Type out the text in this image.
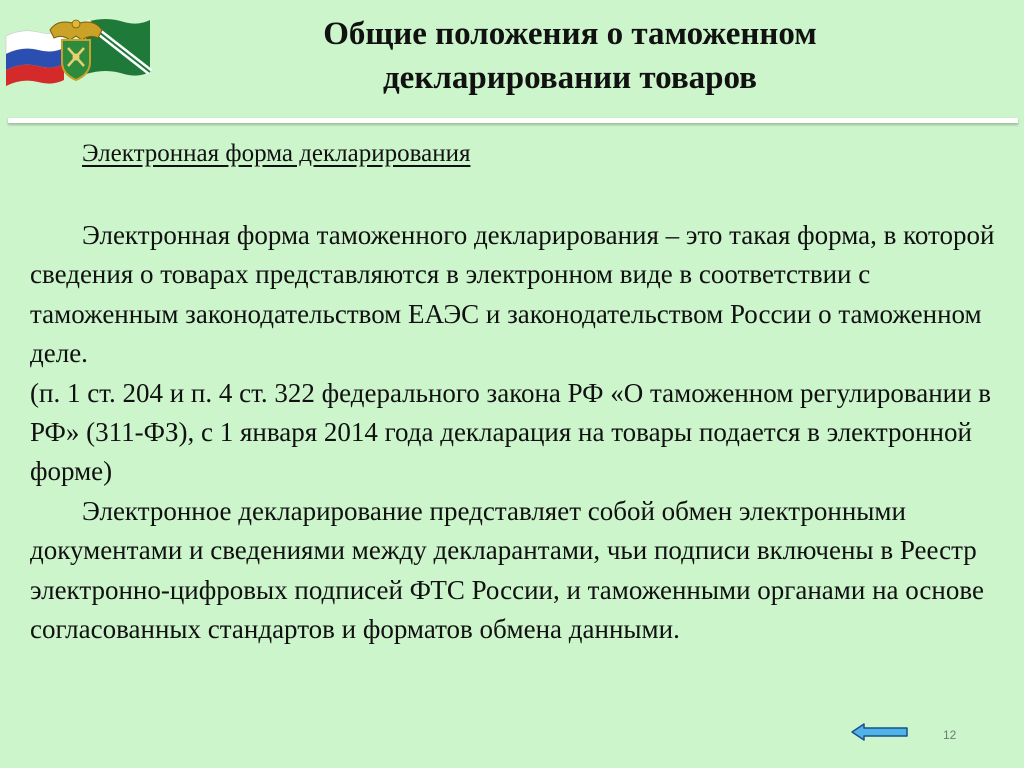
Общие положения о таможенном
декларировании товаров
Электронная форма декларирования

Электронная форма таможенного декларирования – это такая форма, в которой сведения о товарах представляются в электронном виде в соответствии с таможенным законодательством ЕАЭС и законодательством России о таможенном деле.

(п. 1 ст. 204 и п. 4 ст. 322 федерального закона РФ «О таможенном регулировании в РФ» (311-ФЗ), с 1 января 2014 года декларация на товары подается в электронной форме)

Электронное декларирование представляет собой обмен электронными документами и сведениями между декларантами, чьи подписи включены в Реестр электронно-цифровых подписей ФТС России, и таможенными органами на основе согласованных стандартов и форматов обмена данными.

12
